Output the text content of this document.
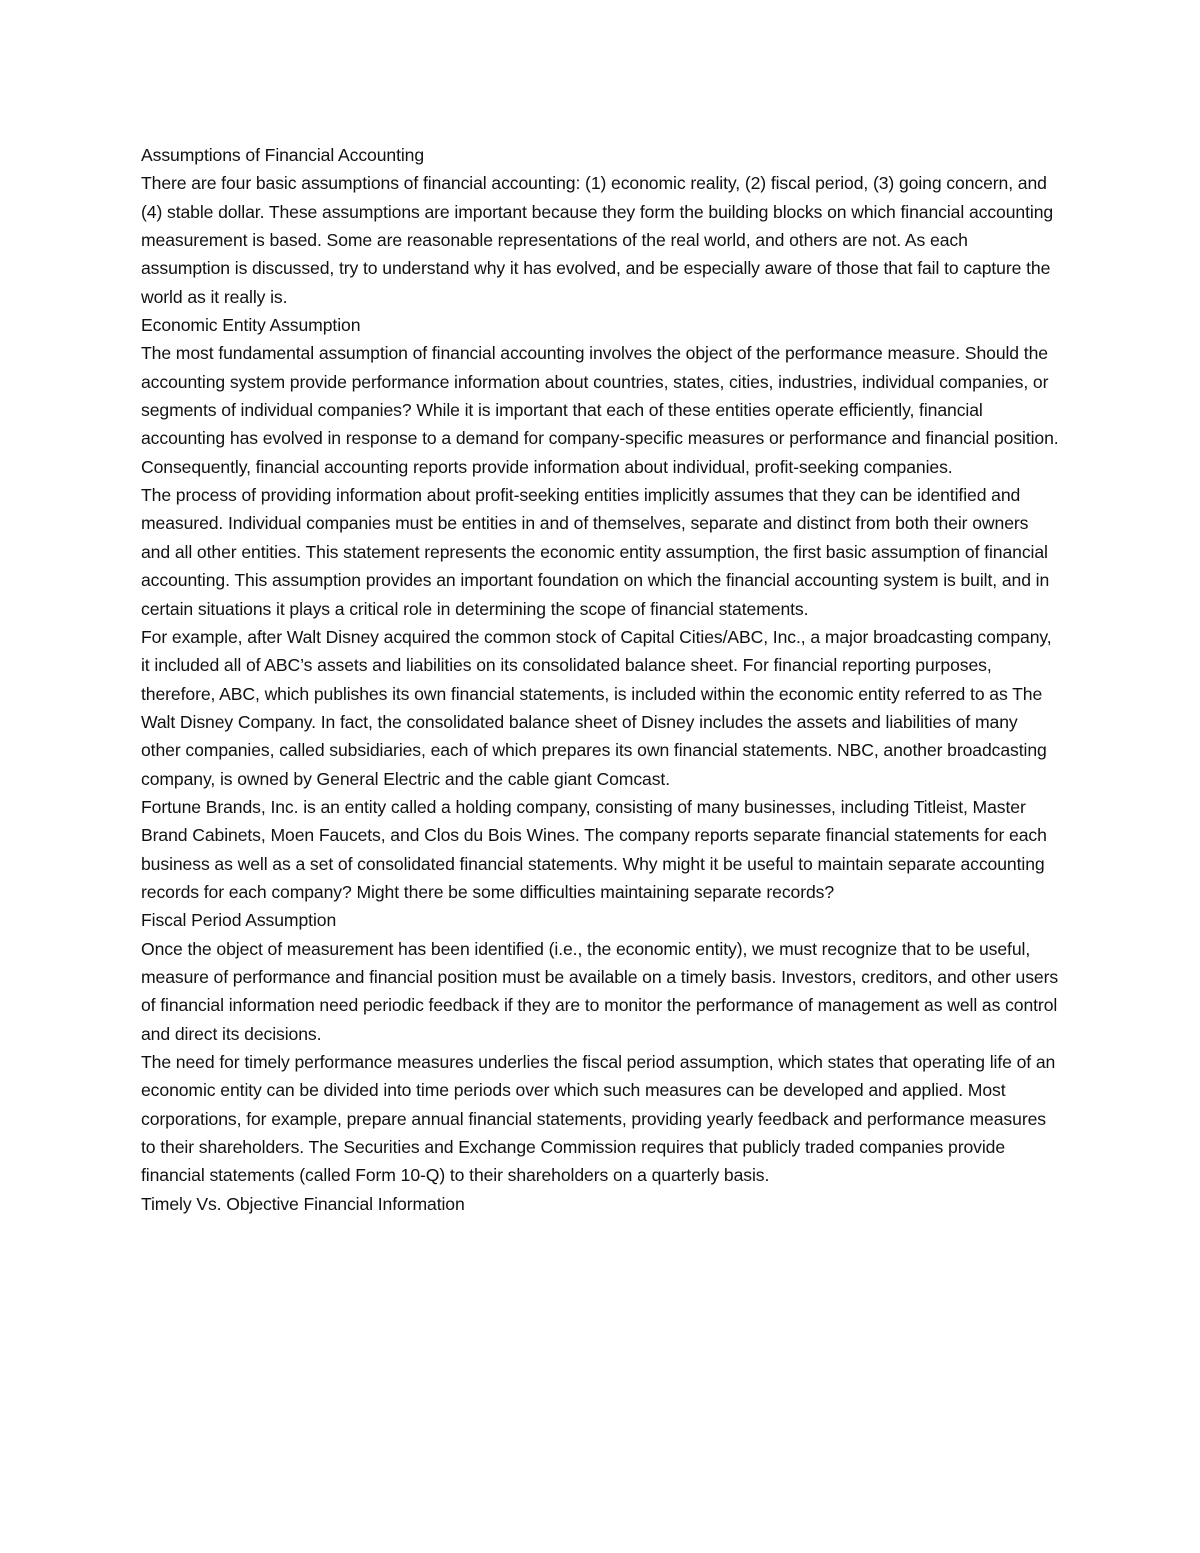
Assumptions of Financial Accounting

There are four basic assumptions of financial accounting: (1) economic reality, (2) fiscal period, (3) going concern, and (4) stable dollar. These assumptions are important because they form the building blocks on which financial accounting measurement is based. Some are reasonable representations of the real world, and others are not. As each assumption is discussed, try to understand why it has evolved, and be especially aware of those that fail to capture the world as it really is.

Economic Entity Assumption

The most fundamental assumption of financial accounting involves the object of the performance measure. Should the accounting system provide performance information about countries, states, cities, industries, individual companies, or segments of individual companies? While it is important that each of these entities operate efficiently, financial accounting has evolved in response to a demand for company-specific measures or performance and financial position. Consequently, financial accounting reports provide information about individual, profit-seeking companies.

The process of providing information about profit-seeking entities implicitly assumes that they can be identified and measured. Individual companies must be entities in and of themselves, separate and distinct from both their owners and all other entities. This statement represents the economic entity assumption, the first basic assumption of financial accounting. This assumption provides an important foundation on which the financial accounting system is built, and in certain situations it plays a critical role in determining the scope of financial statements.

For example, after Walt Disney acquired the common stock of Capital Cities/ABC, Inc., a major broadcasting company, it included all of ABC’s assets and liabilities on its consolidated balance sheet. For financial reporting purposes, therefore, ABC, which publishes its own financial statements, is included within the economic entity referred to as The Walt Disney Company. In fact, the consolidated balance sheet of Disney includes the assets and liabilities of many other companies, called subsidiaries, each of which prepares its own financial statements. NBC, another broadcasting company, is owned by General Electric and the cable giant Comcast.

Fortune Brands, Inc. is an entity called a holding company, consisting of many businesses, including Titleist, Master Brand Cabinets, Moen Faucets, and Clos du Bois Wines. The company reports separate financial statements for each business as well as a set of consolidated financial statements. Why might it be useful to maintain separate accounting records for each company? Might there be some difficulties maintaining separate records?

Fiscal Period Assumption

Once the object of measurement has been identified (i.e., the economic entity), we must recognize that to be useful, measure of performance and financial position must be available on a timely basis. Investors, creditors, and other users of financial information need periodic feedback if they are to monitor the performance of management as well as control and direct its decisions.

The need for timely performance measures underlies the fiscal period assumption, which states that operating life of an economic entity can be divided into time periods over which such measures can be developed and applied. Most corporations, for example, prepare annual financial statements, providing yearly feedback and performance measures to their shareholders. The Securities and Exchange Commission requires that publicly traded companies provide financial statements (called Form 10-Q) to their shareholders on a quarterly basis.

Timely Vs. Objective Financial Information
